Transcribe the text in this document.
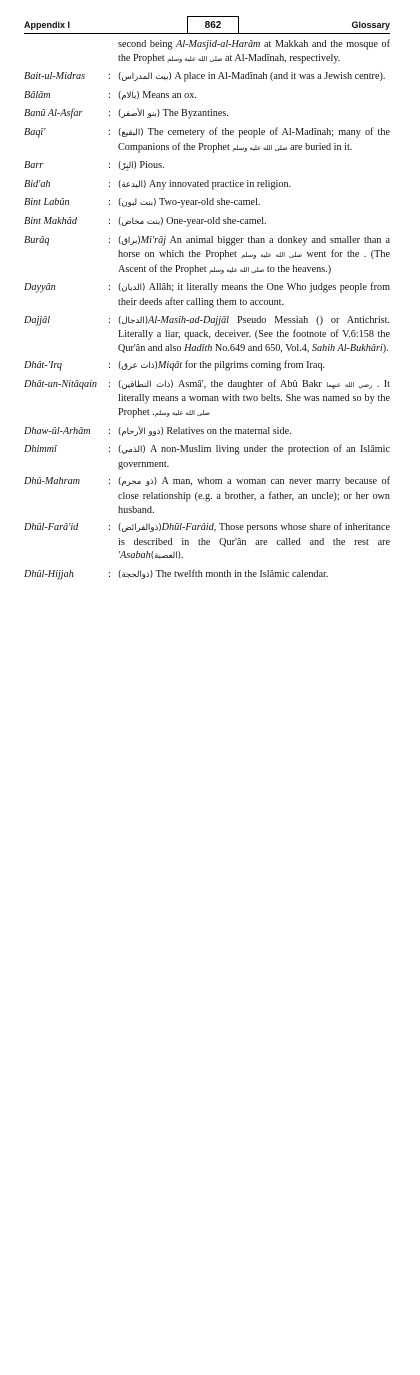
Appendix I	862	Glossary
second being Al-Masjid-al-Harâm at Makkah and the mosque of the Prophet صلى الله عليه وسلم at Al-Madînah, respectively.
Bait-ul-Midras	: (بيت المدراس) A place in Al-Madînah (and it was a Jewish centre).
Bâlâm	: (بالام) Means an ox.
Banû Al-Asfar	: (بنو الأصفر) The Byzantines.
Baqî'	: (البقيع) The cemetery of the people of Al-Madînah; many of the Companions of the Prophet صلى الله عليه وسلم are buried in it.
Barr	: (البِرّ) Pious.
Bid'ah	: (البدعة) Any innovated practice in religion.
Bint Labûn	: (بنت لبون) Two-year-old she-camel.
Bint Makhâd	: (بنت مخاض) One-year-old she-camel.
Burâq	: (براق)Mi'râj An animal bigger than a donkey and smaller than a horse on which the Prophet صلى الله عليه وسلم went for the . (The Ascent of the Prophet صلى الله عليه وسلم to the heavens.)
Dayyân	: (الديان) Allâh; it literally means the One Who judges people from their deeds after calling them to account.
Dajjâl	: (الدجال)Al-Masîh-ad-Dajjâl Pseudo Messiah () or Antichrist. Literally a liar, quack, deceiver. (See the footnote of V.6:158 the Qur'ân and also Hadîth No.649 and 650, Vol.4, Sahih Al-Bukhâri).
Dhât-'Irq	: (ذات عرق)Miqât for the pilgrims coming from Iraq.
Dhât-un-Nitâqain	: (ذات النطاقين) Asmâ', the daughter of Abû Bakr رضي الله عنهما . It literally means a woman with two belts. She was named so by the Prophet .صلى الله عليه وسلم
Dhaw-ûl-Arhâm	: (ذوو الأرحام) Relatives on the maternal side.
Dhimmî	: (الذمي) A non-Muslim living under the protection of an Islâmic government.
Dhû-Mahram	: (ذو محرم) A man, whom a woman can never marry because of close relationship (e.g. a brother, a father, an uncle); or her own husband.
Dhûl-Farâ'id	: (ذوالفرائض)Dhûl-Farâid, Those persons whose share of inheritance is described in the Qur'ân are called and the rest are 'Asabah(العصبة).
Dhûl-Hijjah	: (ذوالحجة) The twelfth month in the Islâmic calendar.
